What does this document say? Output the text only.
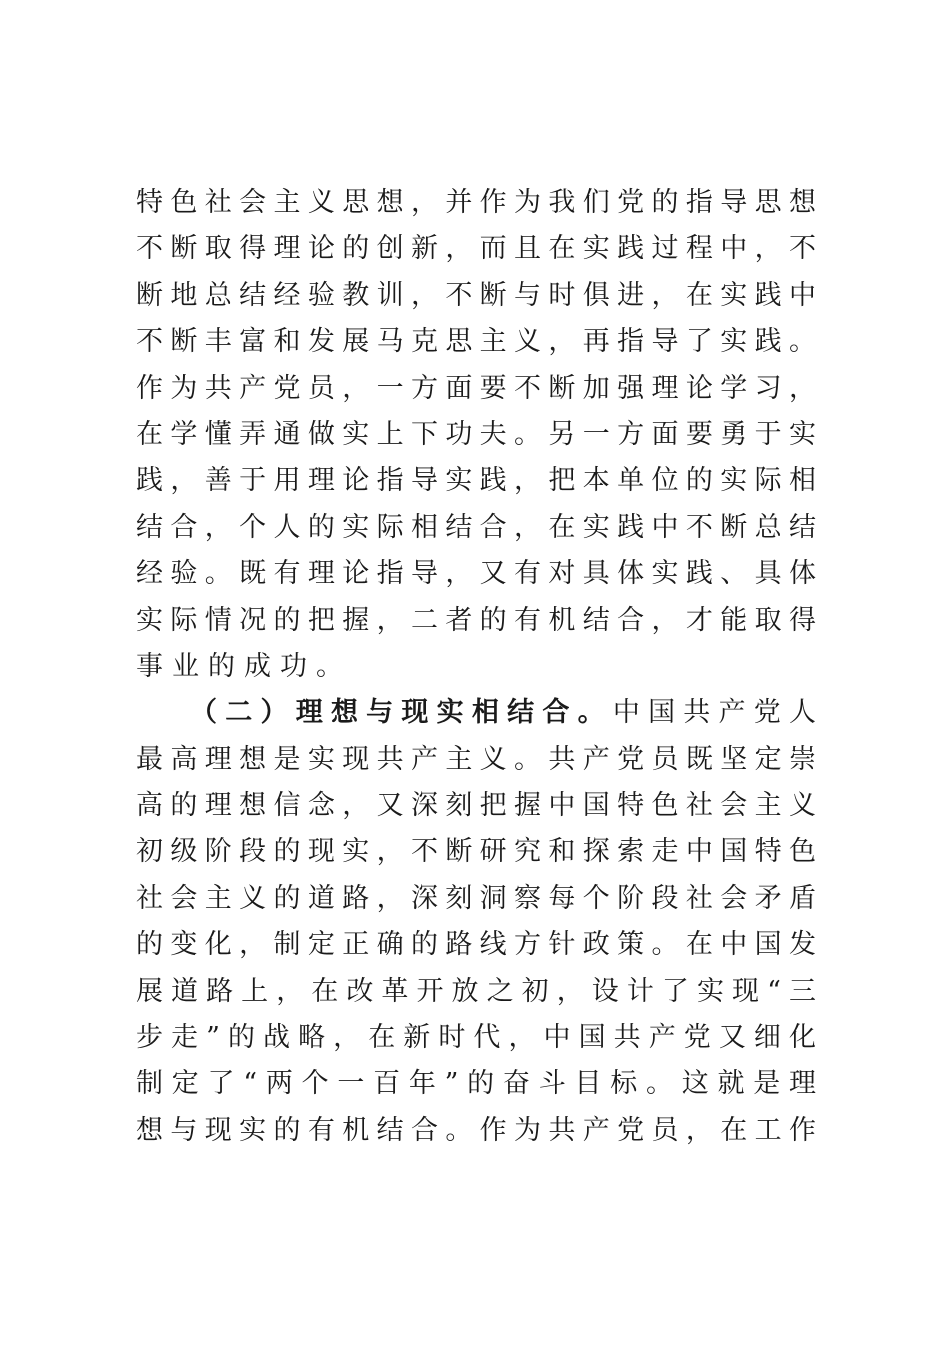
特色社会主义思想，并作为我们党的指导思想
不断取得理论的创新，而且在实践过程中，不
断地总结经验教训，不断与时俱进，在实践中
不断丰富和发展马克思主义，再指导了实践。
作为共产党员，一方面要不断加强理论学习，
在学懂弄通做实上下功夫。另一方面要勇于实
践，善于用理论指导实践，把本单位的实际相
结合，个人的实际相结合，在实践中不断总结
经验。既有理论指导，又有对具体实践、具体
实际情况的把握，二者的有机结合，才能取得
事业的成功。
（二）理想与现实相结合。中国共产党人
最高理想是实现共产主义。共产党员既坚定崇
高的理想信念，又深刻把握中国特色社会主义
初级阶段的现实，不断研究和探索走中国特色
社会主义的道路，深刻洞察每个阶段社会矛盾
的变化，制定正确的路线方针政策。在中国发
展道路上，在改革开放之初，设计了实现“三
步走”的战略，在新时代，中国共产党又细化
制定了“两个一百年”的奋斗目标。这就是理
想与现实的有机结合。作为共产党员，在工作
